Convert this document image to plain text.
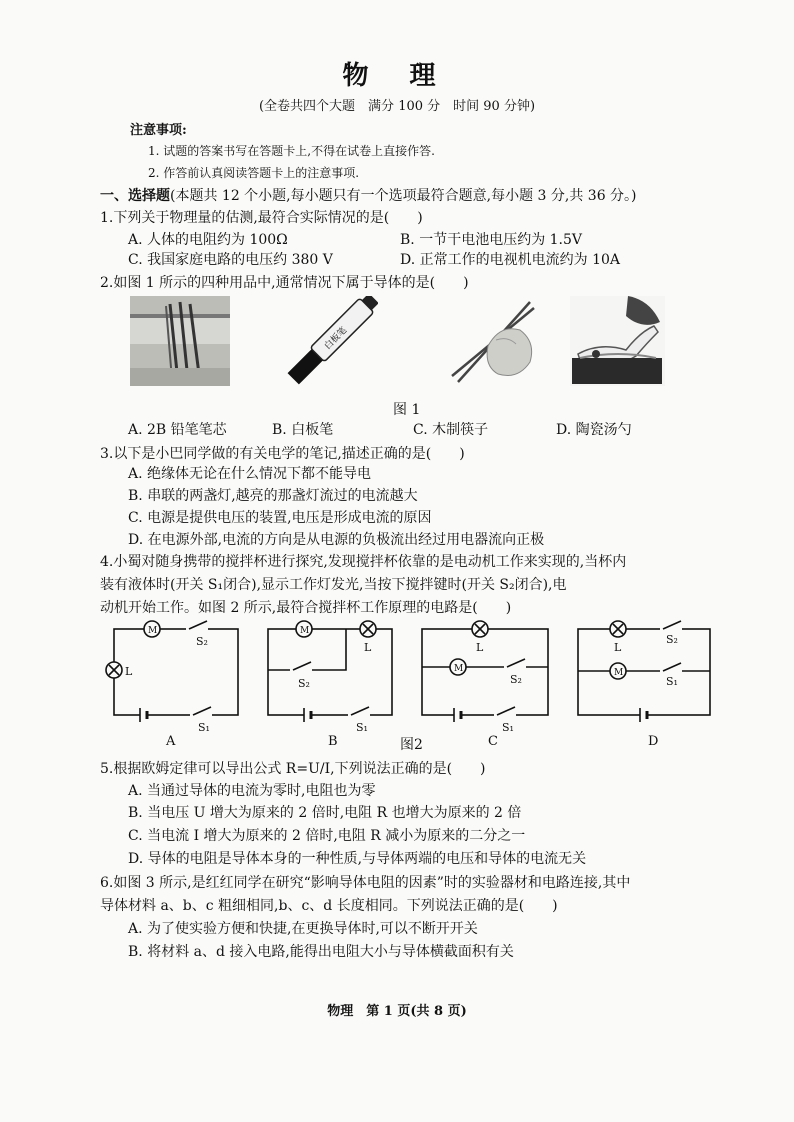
物 理
(全卷共四个大题　满分 100 分　时间 90 分钟)
注意事项:
1. 试题的答案书写在答题卡上,不得在试卷上直接作答.
2. 作答前认真阅读答题卡上的注意事项.
一、选择题(本题共 12 个小题,每小题只有一个选项最符合题意,每小题 3 分,共 36 分。)
1.下列关于物理量的估测,最符合实际情况的是(　　)
A. 人体的电阻约为 100Ω	B. 一节干电池电压约为 1.5V
C. 我国家庭电路的电压约 380 V	D. 正常工作的电视机电流约为 10A
2.如图 1 所示的四种用品中,通常情况下属于导体的是(　　)
白板笔
图 1
A. 2B 铅笔笔芯	B. 白板笔	C. 木制筷子	D. 陶瓷汤勺
3.以下是小巴同学做的有关电学的笔记,描述正确的是(　　)
A. 绝缘体无论在什么情况下都不能导电
B. 串联的两盏灯,越亮的那盏灯流过的电流越大
C. 电源是提供电压的装置,电压是形成电流的原因
D. 在电源外部,电流的方向是从电源的负极流出经过用电器流向正极
4.小蜀对随身携带的搅拌杯进行探究,发现搅拌杯依靠的是电动机工作来实现的,当杯内
装有液体时(开关 S₁闭合),显示工作灯发光,当按下搅拌键时(开关 S₂闭合),电
动机开始工作。如图 2 所示,最符合搅拌杯工作原理的电路是(　　)
M
L
S₂
S₁
M
L
S₂
S₁
L
M
S₂
S₁
L
S₂
M
S₁
A	B	C	D
图2
5.根据欧姆定律可以导出公式 R=U/I,下列说法正确的是(　　)
A. 当通过导体的电流为零时,电阻也为零
B. 当电压 U 增大为原来的 2 倍时,电阻 R 也增大为原来的 2 倍
C. 当电流 I 增大为原来的 2 倍时,电阻 R 减小为原来的二分之一
D. 导体的电阻是导体本身的一种性质,与导体两端的电压和导体的电流无关
6.如图 3 所示,是红红同学在研究“影响导体电阻的因素”时的实验器材和电路连接,其中
导体材料 a、b、c 粗细相同,b、c、d 长度相同。下列说法正确的是(　　)
A. 为了使实验方便和快捷,在更换导体时,可以不断开开关
B. 将材料 a、d 接入电路,能得出电阻大小与导体横截面积有关
物理　第 1 页(共 8 页)
